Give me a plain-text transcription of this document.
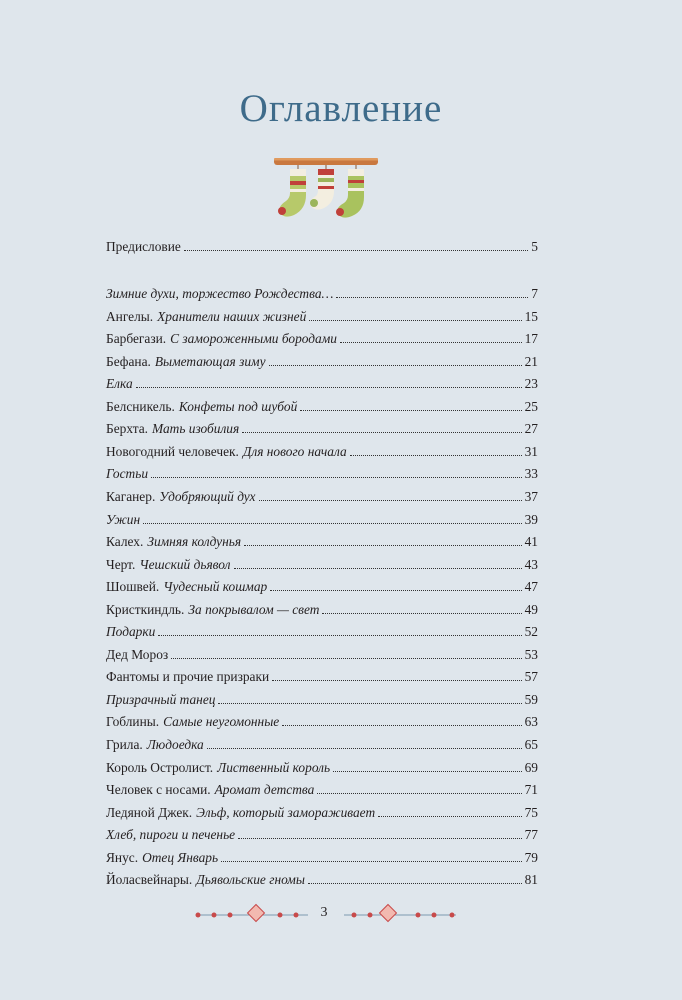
Оглавление
Предисловие	5
Зимние духи, торжество Рождества…	7
Ангелы. Хранители наших жизней	15
Барбегази. С замороженными бородами	17
Бефана. Выметающая зиму	21
Елка	23
Белсникель. Конфеты под шубой	25
Берхта. Мать изобилия	27
Новогодний человечек. Для нового начала	31
Гостьи	33
Каганер. Удобряющий дух	37
Ужин	39
Калех. Зимняя колдунья	41
Черт. Чешский дьявол	43
Шошвей. Чудесный кошмар	47
Кристкиндль. За покрывалом — свет	49
Подарки	52
Дед Мороз	53
Фантомы и прочие призраки	57
Призрачный танец	59
Гоблины. Самые неугомонные	63
Грила. Людоедка	65
Король Остролист. Лиственный король	69
Человек с носами. Аромат детства	71
Ледяной Джек. Эльф, который замораживает	75
Хлеб, пироги и печенье	77
Янус. Отец Январь	79
Йоласвейнары. Дьявольские гномы	81
3
